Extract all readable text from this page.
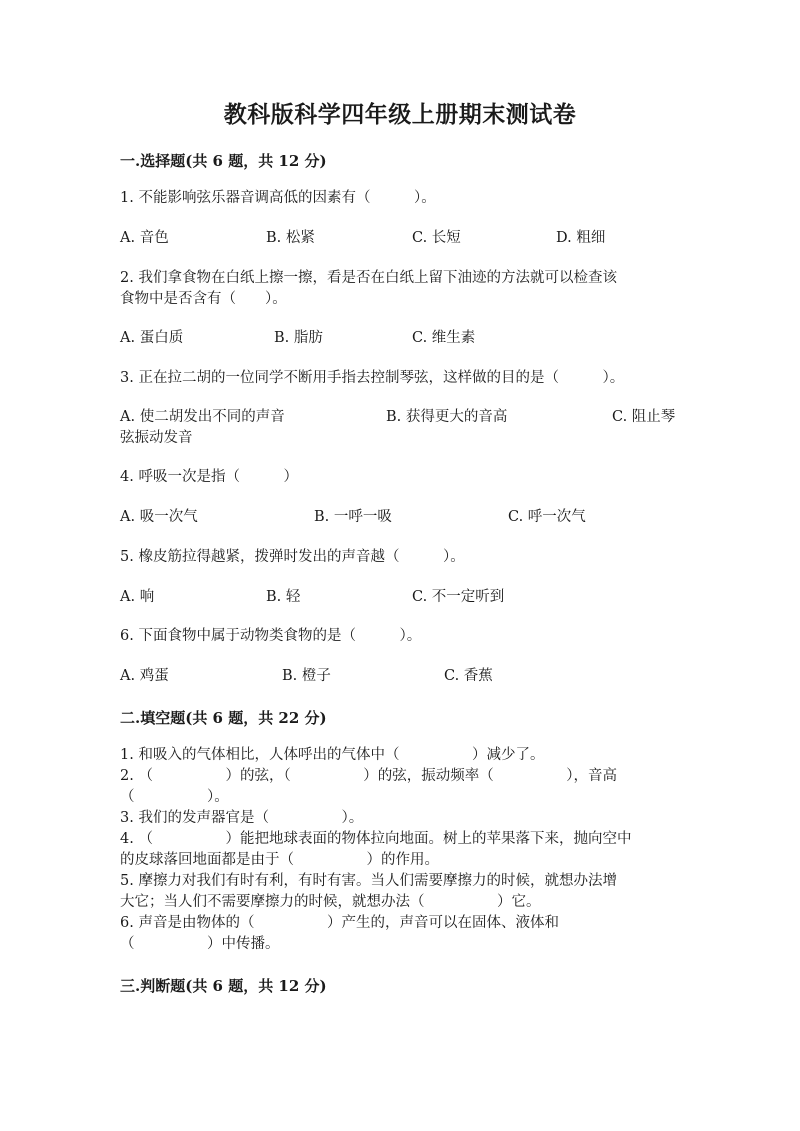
教科版科学四年级上册期末测试卷
一.选择题(共 6 题，共 12 分)
1. 不能影响弦乐器音调高低的因素有（　　　）。
A. 音色	B. 松紧	C. 长短	D. 粗细
2. 我们拿食物在白纸上擦一擦，看是否在白纸上留下油迹的方法就可以检查该
食物中是否含有（　　）。
A. 蛋白质	B. 脂肪	C. 维生素
3. 正在拉二胡的一位同学不断用手指去控制琴弦，这样做的目的是（　　　）。
A. 使二胡发出不同的声音	B. 获得更大的音高	C. 阻止琴
弦振动发音
4. 呼吸一次是指（　　　）
A. 吸一次气	B. 一呼一吸	C. 呼一次气
5. 橡皮筋拉得越紧，拨弹时发出的声音越（　　　）。
A. 响	B. 轻	C. 不一定听到
6. 下面食物中属于动物类食物的是（　　　）。
A. 鸡蛋	B. 橙子	C. 香蕉
二.填空题(共 6 题，共 22 分)
1. 和吸入的气体相比，人体呼出的气体中（　　　　　）减少了。
2. （　　　　　）的弦，（　　　　　）的弦，振动频率（　　　　　），音高
（　　　　　）。
3. 我们的发声器官是（　　　　　）。
4. （　　　　　）能把地球表面的物体拉向地面。树上的苹果落下来，抛向空中
的皮球落回地面都是由于（　　　　　）的作用。
5. 摩擦力对我们有时有利，有时有害。当人们需要摩擦力的时候，就想办法增
大它；当人们不需要摩擦力的时候，就想办法（　　　　　）它。
6. 声音是由物体的（　　　　　）产生的，声音可以在固体、液体和
（　　　　　）中传播。
三.判断题(共 6 题，共 12 分)
